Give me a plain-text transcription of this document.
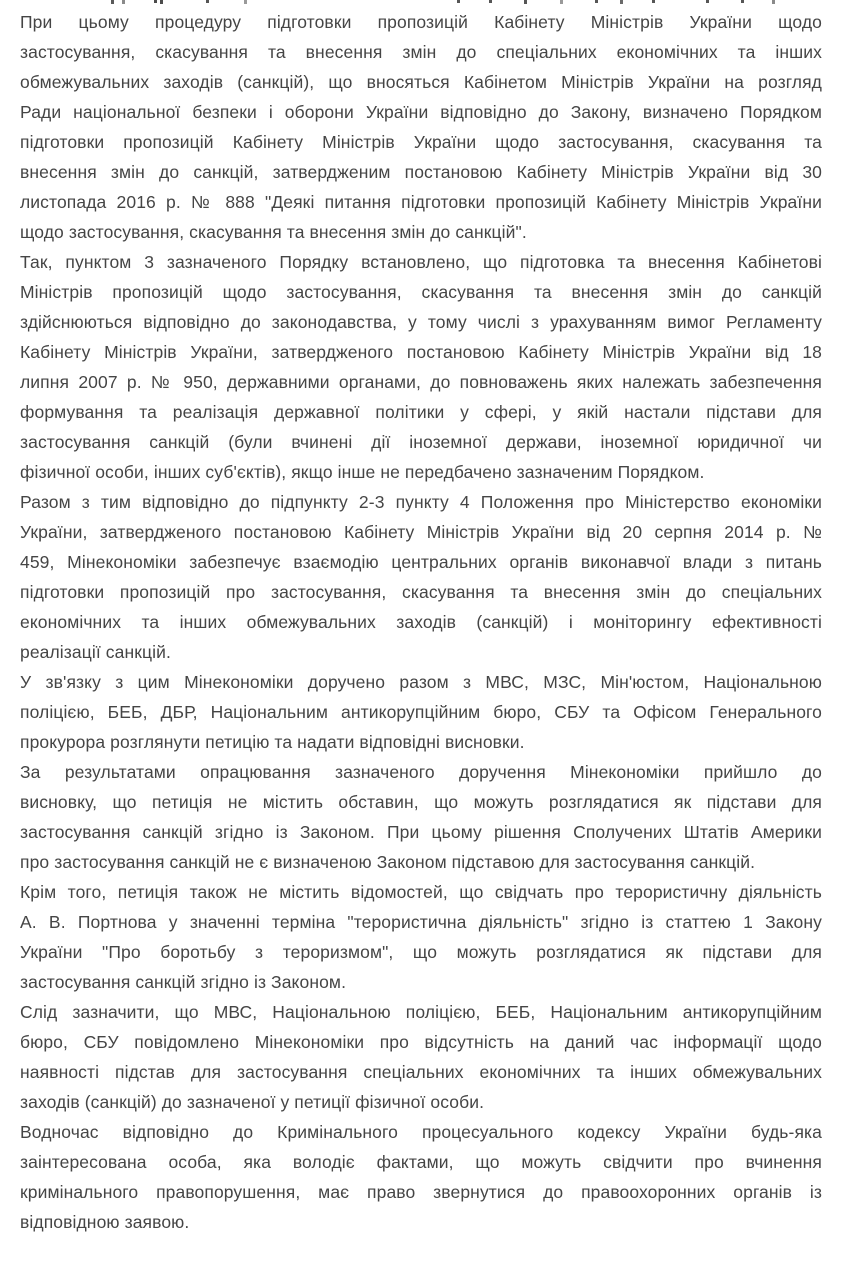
При цьому процедуру підготовки пропозицій Кабінету Міністрів України щодо
застосування, скасування та внесення змін до спеціальних економічних та інших
обмежувальних заходів (санкцій), що вносяться Кабінетом Міністрів України на розгляд
Ради національної безпеки і оборони України відповідно до Закону, визначено Порядком
підготовки пропозицій Кабінету Міністрів України щодо застосування, скасування та
внесення змін до санкцій, затвердженим постановою Кабінету Міністрів України від 30
листопада 2016 р. № 888 "Деякі питання підготовки пропозицій Кабінету Міністрів України
щодо застосування, скасування та внесення змін до санкцій".
Так, пунктом 3 зазначеного Порядку встановлено, що підготовка та внесення Кабінетові
Міністрів пропозицій щодо застосування, скасування та внесення змін до санкцій
здійснюються відповідно до законодавства, у тому числі з урахуванням вимог Регламенту
Кабінету Міністрів України, затвердженого постановою Кабінету Міністрів України від 18
липня 2007 р. № 950, державними органами, до повноважень яких належать забезпечення
формування та реалізація державної політики у сфері, у якій настали підстави для
застосування санкцій (були вчинені дії іноземної держави, іноземної юридичної чи
фізичної особи, інших суб'єктів), якщо інше не передбачено зазначеним Порядком.
Разом з тим відповідно до підпункту 2-3 пункту 4 Положення про Міністерство економіки
України, затвердженого постановою Кабінету Міністрів України від 20 серпня 2014 р. №
459, Мінекономіки забезпечує взаємодію центральних органів виконавчої влади з питань
підготовки пропозицій про застосування, скасування та внесення змін до спеціальних
економічних та інших обмежувальних заходів (санкцій) і моніторингу ефективності
реалізації санкцій.
У зв'язку з цим Мінекономіки доручено разом з МВС, МЗС, Мін'юстом, Національною
поліцією, БЕБ, ДБР, Національним антикорупційним бюро, СБУ та Офісом Генерального
прокурора розглянути петицію та надати відповідні висновки.
За результатами опрацювання зазначеного доручення Мінекономіки прийшло до
висновку, що петиція не містить обставин, що можуть розглядатися як підстави для
застосування санкцій згідно із Законом. При цьому рішення Сполучених Штатів Америки
про застосування санкцій не є визначеною Законом підставою для застосування санкцій.
Крім того, петиція також не містить відомостей, що свідчать про терористичну діяльність
А. В. Портнова у значенні терміна "терористична діяльність" згідно із статтею 1 Закону
України "Про боротьбу з тероризмом", що можуть розглядатися як підстави для
застосування санкцій згідно із Законом.
Слід зазначити, що МВС, Національною поліцією, БЕБ, Національним антикорупційним
бюро, СБУ повідомлено Мінекономіки про відсутність на даний час інформації щодо
наявності підстав для застосування спеціальних економічних та інших обмежувальних
заходів (санкцій) до зазначеної у петиції фізичної особи.
Водночас відповідно до Кримінального процесуального кодексу України будь-яка
заінтересована особа, яка володіє фактами, що можуть свідчити про вчинення
кримінального правопорушення, має право звернутися до правоохоронних органів із
відповідною заявою.
